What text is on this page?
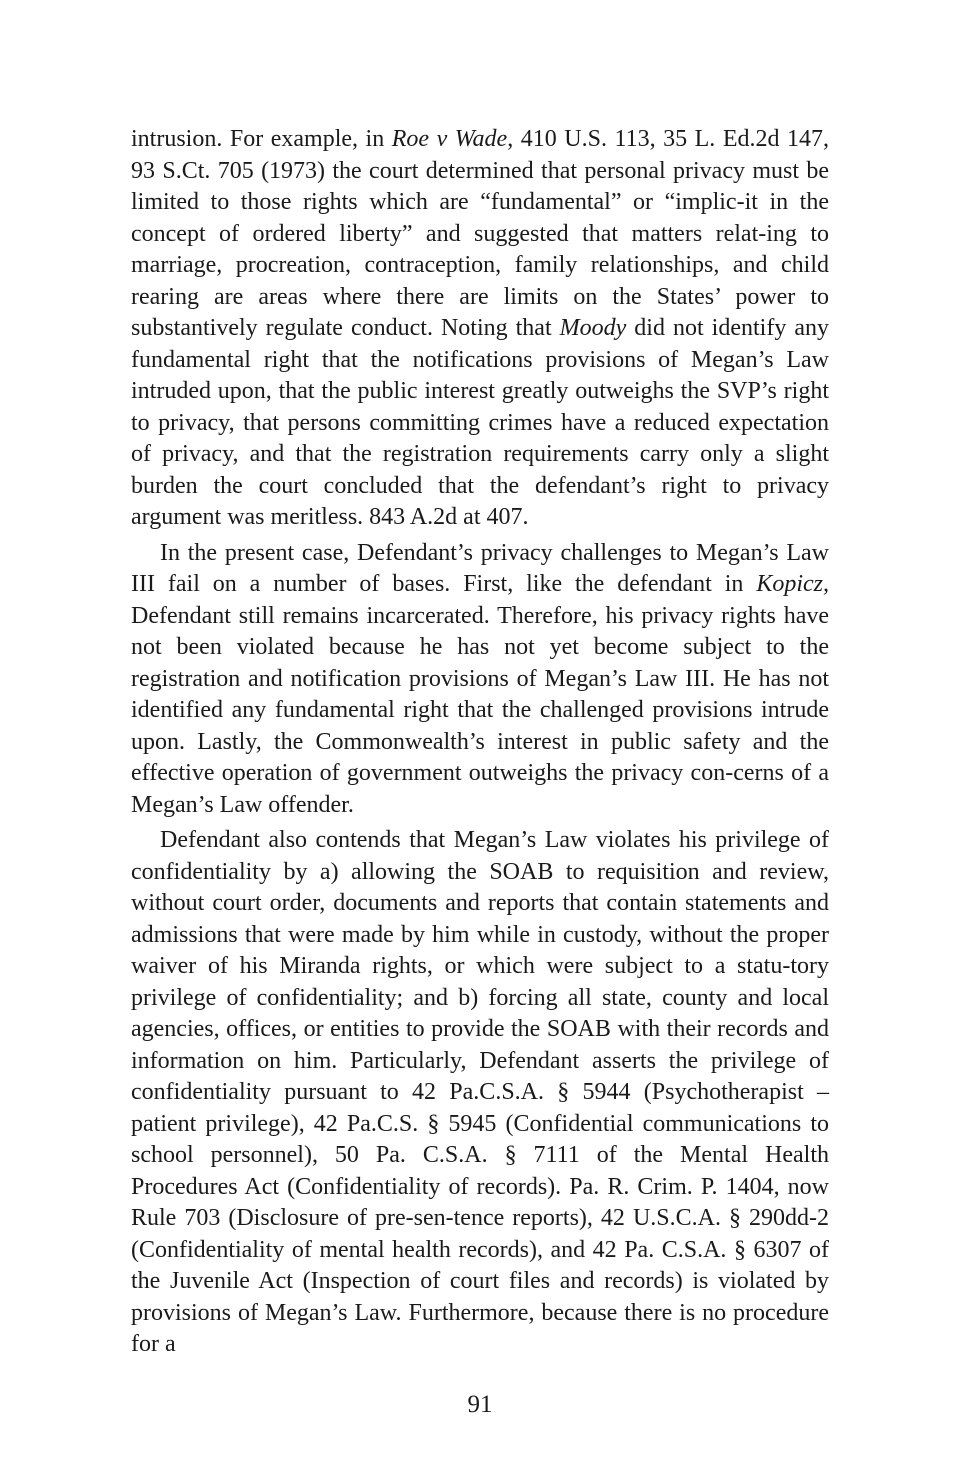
intrusion. For example, in Roe v Wade, 410 U.S. 113, 35 L. Ed.2d 147, 93 S.Ct. 705 (1973) the court determined that personal privacy must be limited to those rights which are “fundamental” or “implic-it in the concept of ordered liberty” and suggested that matters relat-ing to marriage, procreation, contraception, family relationships, and child rearing are areas where there are limits on the States’ power to substantively regulate conduct. Noting that Moody did not identify any fundamental right that the notifications provisions of Megan’s Law intruded upon, that the public interest greatly outweighs the SVP’s right to privacy, that persons committing crimes have a reduced expectation of privacy, and that the registration requirements carry only a slight burden the court concluded that the defendant’s right to privacy argument was meritless. 843 A.2d at 407.

In the present case, Defendant’s privacy challenges to Megan’s Law III fail on a number of bases. First, like the defendant in Kopicz, Defendant still remains incarcerated. Therefore, his privacy rights have not been violated because he has not yet become subject to the registration and notification provisions of Megan’s Law III. He has not identified any fundamental right that the challenged provisions intrude upon. Lastly, the Commonwealth’s interest in public safety and the effective operation of government outweighs the privacy con-cerns of a Megan’s Law offender.

Defendant also contends that Megan’s Law violates his privilege of confidentiality by a) allowing the SOAB to requisition and review, without court order, documents and reports that contain statements and admissions that were made by him while in custody, without the proper waiver of his Miranda rights, or which were subject to a statu-tory privilege of confidentiality; and b) forcing all state, county and local agencies, offices, or entities to provide the SOAB with their records and information on him. Particularly, Defendant asserts the privilege of confidentiality pursuant to 42 Pa.C.S.A. § 5944 (Psychotherapist – patient privilege), 42 Pa.C.S. § 5945 (Confidential communications to school personnel), 50 Pa. C.S.A. § 7111 of the Mental Health Procedures Act (Confidentiality of records). Pa. R. Crim. P. 1404, now Rule 703 (Disclosure of pre-sen-tence reports), 42 U.S.C.A. § 290dd-2 (Confidentiality of mental health records), and 42 Pa. C.S.A. § 6307 of the Juvenile Act (Inspection of court files and records) is violated by provisions of Megan’s Law. Furthermore, because there is no procedure for a

91
